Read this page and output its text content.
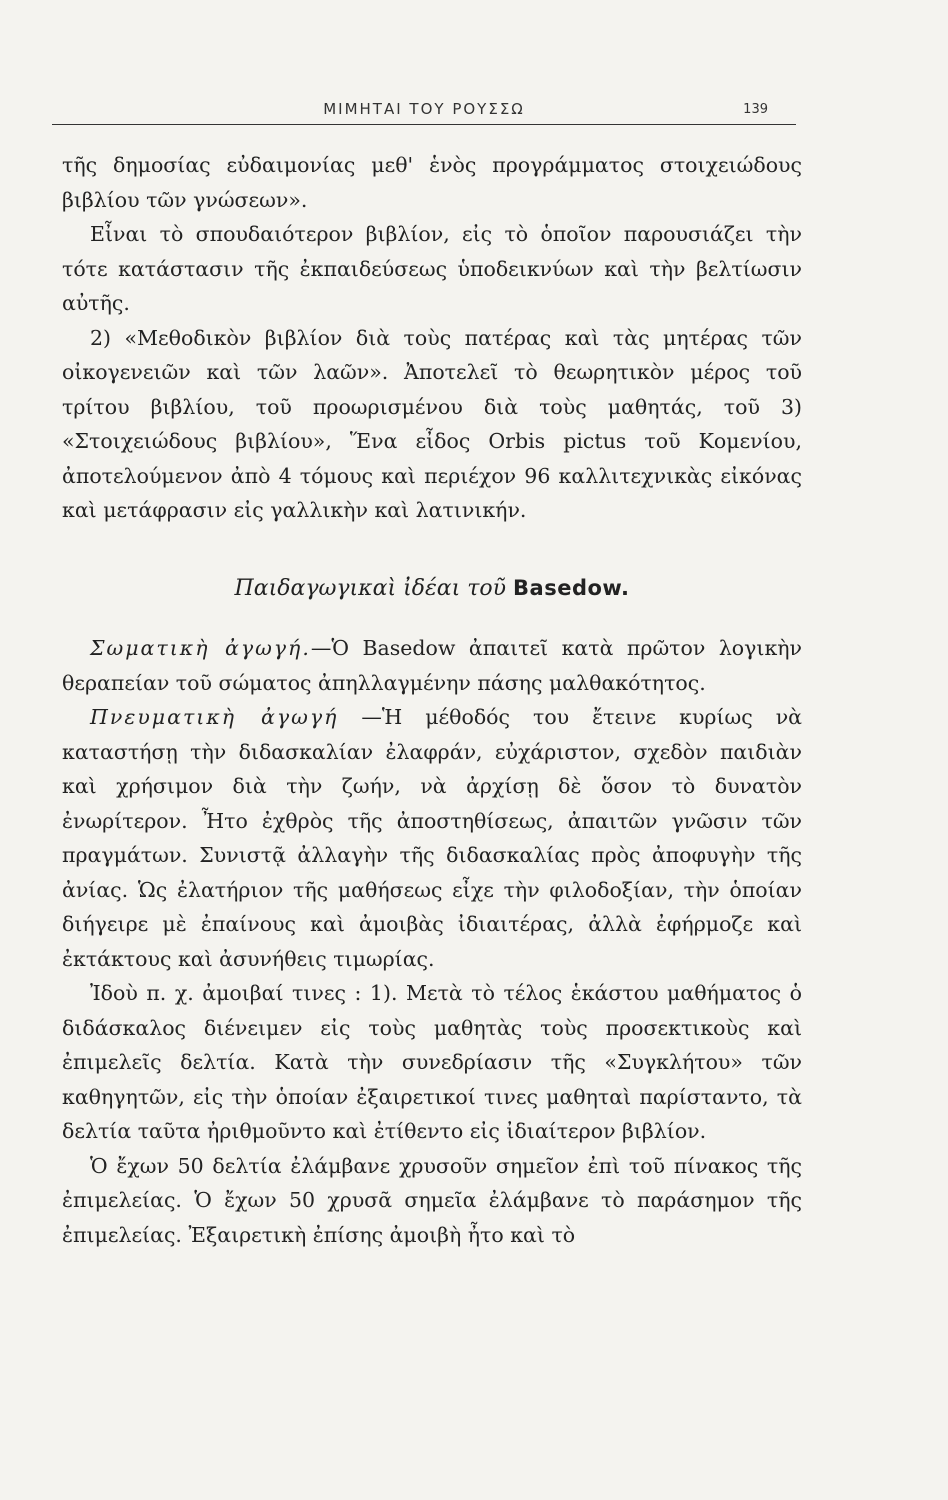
ΜΙΜΗΤΑΙ ΤΟΥ ΡΟΥΣΣΩ	139

τῆς δημοσίας εὐδαιμονίας μεθ' ἑνὸς προγράμματος στοιχειώδους βιβλίου τῶν γνώσεων».

Εἶναι τὸ σπουδαιότερον βιβλίον, εἰς τὸ ὁποῖον παρουσιάζει τὴν τότε κατάστασιν τῆς ἐκπαιδεύσεως ὑποδεικνύων καὶ τὴν βελτίωσιν αὐτῆς.

2) «Μεθοδικὸν βιβλίον διὰ τοὺς πατέρας καὶ τὰς μητέρας τῶν οἰκογενειῶν καὶ τῶν λαῶν». Ἀποτελεῖ τὸ θεωρητικὸν μέρος τοῦ τρίτου βιβλίου, τοῦ προωρισμένου διὰ τοὺς μαθητάς, τοῦ 3) «Στοιχειώδους βιβλίου», Ἕνα εἶδος Orbis pictus τοῦ Κομενίου, ἀποτελούμενον ἀπὸ 4 τόμους καὶ περιέχον 96 καλλιτεχνικὰς εἰκόνας καὶ μετάφρασιν εἰς γαλλικὴν καὶ λατινικήν.

Παιδαγωγικαὶ ἰδέαι τοῦ Basedow.

Σωματικὴ ἀγωγή.—Ὁ Basedow ἀπαιτεῖ κατὰ πρῶτον λογικὴν θεραπείαν τοῦ σώματος ἀπηλλαγμένην πάσης μαλθακότητος.

Πνευματικὴ ἀγωγή —Ἡ μέθοδός του ἔτεινε κυρίως νὰ καταστήσῃ τὴν διδασκαλίαν ἐλαφράν, εὐχάριστον, σχεδὸν παιδιὰν καὶ χρήσιμον διὰ τὴν ζωήν, νὰ ἀρχίσῃ δὲ ὅσον τὸ δυνατὸν ἐνωρίτερον. Ἦτο ἐχθρὸς τῆς ἀποστηθίσεως, ἀπαιτῶν γνῶσιν τῶν πραγμάτων. Συνιστᾷ ἀλλαγὴν τῆς διδασκαλίας πρὸς ἀποφυγὴν τῆς ἀνίας. Ὡς ἐλατήριον τῆς μαθήσεως εἶχε τὴν φιλοδοξίαν, τὴν ὁποίαν διήγειρε μὲ ἐπαίνους καὶ ἀμοιβὰς ἰδιαιτέρας, ἀλλὰ ἐφήρμοζε καὶ ἐκτάκτους καὶ ἀσυνήθεις τιμωρίας.

Ἰδοὺ π. χ. ἀμοιβαί τινες : 1). Μετὰ τὸ τέλος ἑκάστου μαθήματος ὁ διδάσκαλος διένειμεν εἰς τοὺς μαθητὰς τοὺς προσεκτικοὺς καὶ ἐπιμελεῖς δελτία. Κατὰ τὴν συνεδρίασιν τῆς «Συγκλήτου» τῶν καθηγητῶν, εἰς τὴν ὁποίαν ἐξαιρετικοί τινες μαθηταὶ παρίσταντο, τὰ δελτία ταῦτα ἠριθμοῦντο καὶ ἐτίθεντο εἰς ἰδιαίτερον βιβλίον.

Ὁ ἔχων 50 δελτία ἐλάμβανε χρυσοῦν σημεῖον ἐπὶ τοῦ πίνακος τῆς ἐπιμελείας. Ὁ ἔχων 50 χρυσᾶ σημεῖα ἐλάμβανε τὸ παράσημον τῆς ἐπιμελείας. Ἐξαιρετικὴ ἐπίσης ἀμοιβὴ ἦτο καὶ τὸ
